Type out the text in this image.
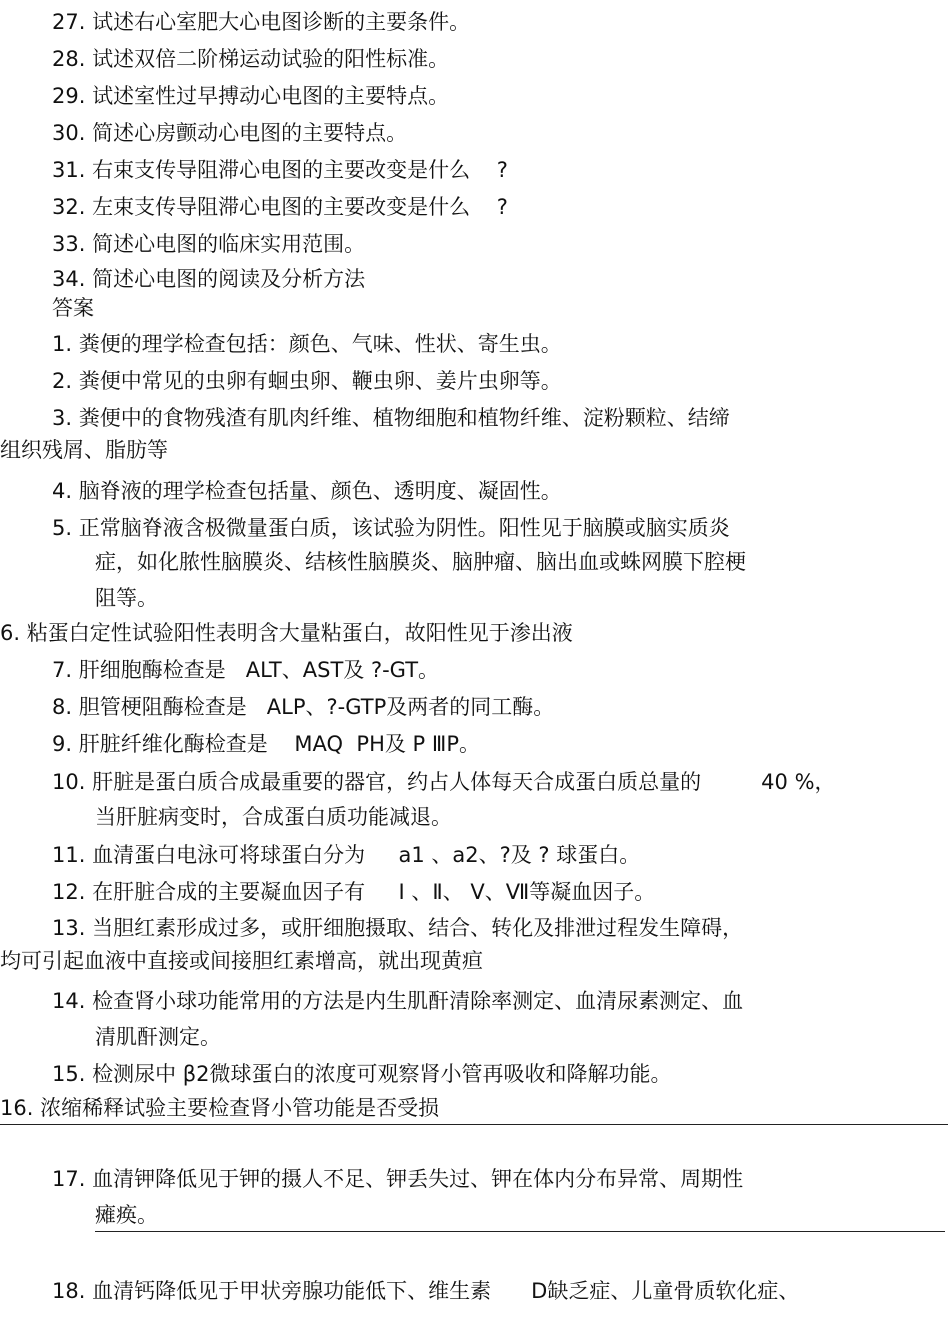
27. 试述右心室肥大心电图诊断的主要条件。
28. 试述双倍二阶梯运动试验的阳性标准。
29. 试述室性过早搏动心电图的主要特点。
30. 简述心房颤动心电图的主要特点。
31. 右束支传导阻滞心电图的主要改变是什么    ?
32. 左束支传导阻滞心电图的主要改变是什么    ?
33. 简述心电图的临床实用范围。
34. 简述心电图的阅读及分析方法
答案
1. 粪便的理学检查包括：颜色、气味、性状、寄生虫。
2. 粪便中常见的虫卵有蛔虫卵、鞭虫卵、姜片虫卵等。
3. 粪便中的食物残渣有肌肉纤维、植物细胞和植物纤维、淀粉颗粒、结缔
组织残屑、脂肪等
4. 脑脊液的理学检查包括量、颜色、透明度、凝固性。
5. 正常脑脊液含极微量蛋白质，该试验为阴性。阳性见于脑膜或脑实质炎
症，如化脓性脑膜炎、结核性脑膜炎、脑肿瘤、脑出血或蛛网膜下腔梗
阻等。
6. 粘蛋白定性试验阳性表明含大量粘蛋白，故阳性见于渗出液
7. 肝细胞酶检查是   ALT、AST及 ?-GT。
8. 胆管梗阻酶检查是   ALP、?-GTP及两者的同工酶。
9. 肝脏纤维化酶检查是    MAQ  PH及 P ⅢP。
10. 肝脏是蛋白质合成最重要的器官，约占人体每天合成蛋白质总量的         40 %，
当肝脏病变时，合成蛋白质功能减退。
11. 血清蛋白电泳可将球蛋白分为     a1 、a2、?及 ? 球蛋白。
12. 在肝脏合成的主要凝血因子有     Ⅰ 、Ⅱ、 Ⅴ、Ⅶ等凝血因子。
13. 当胆红素形成过多，或肝细胞摄取、结合、转化及排泄过程发生障碍，
均可引起血液中直接或间接胆红素增高，就出现黄疸
14. 检查肾小球功能常用的方法是内生肌酐清除率测定、血清尿素测定、血
清肌酐测定。
15. 检测尿中 β2微球蛋白的浓度可观察肾小管再吸收和降解功能。
16. 浓缩稀释试验主要检查肾小管功能是否受损
17. 血清钾降低见于钾的摄人不足、钾丢失过、钾在体内分布异常、周期性
瘫痪。
18. 血清钙降低见于甲状旁腺功能低下、维生素      D缺乏症、儿童骨质软化症、
